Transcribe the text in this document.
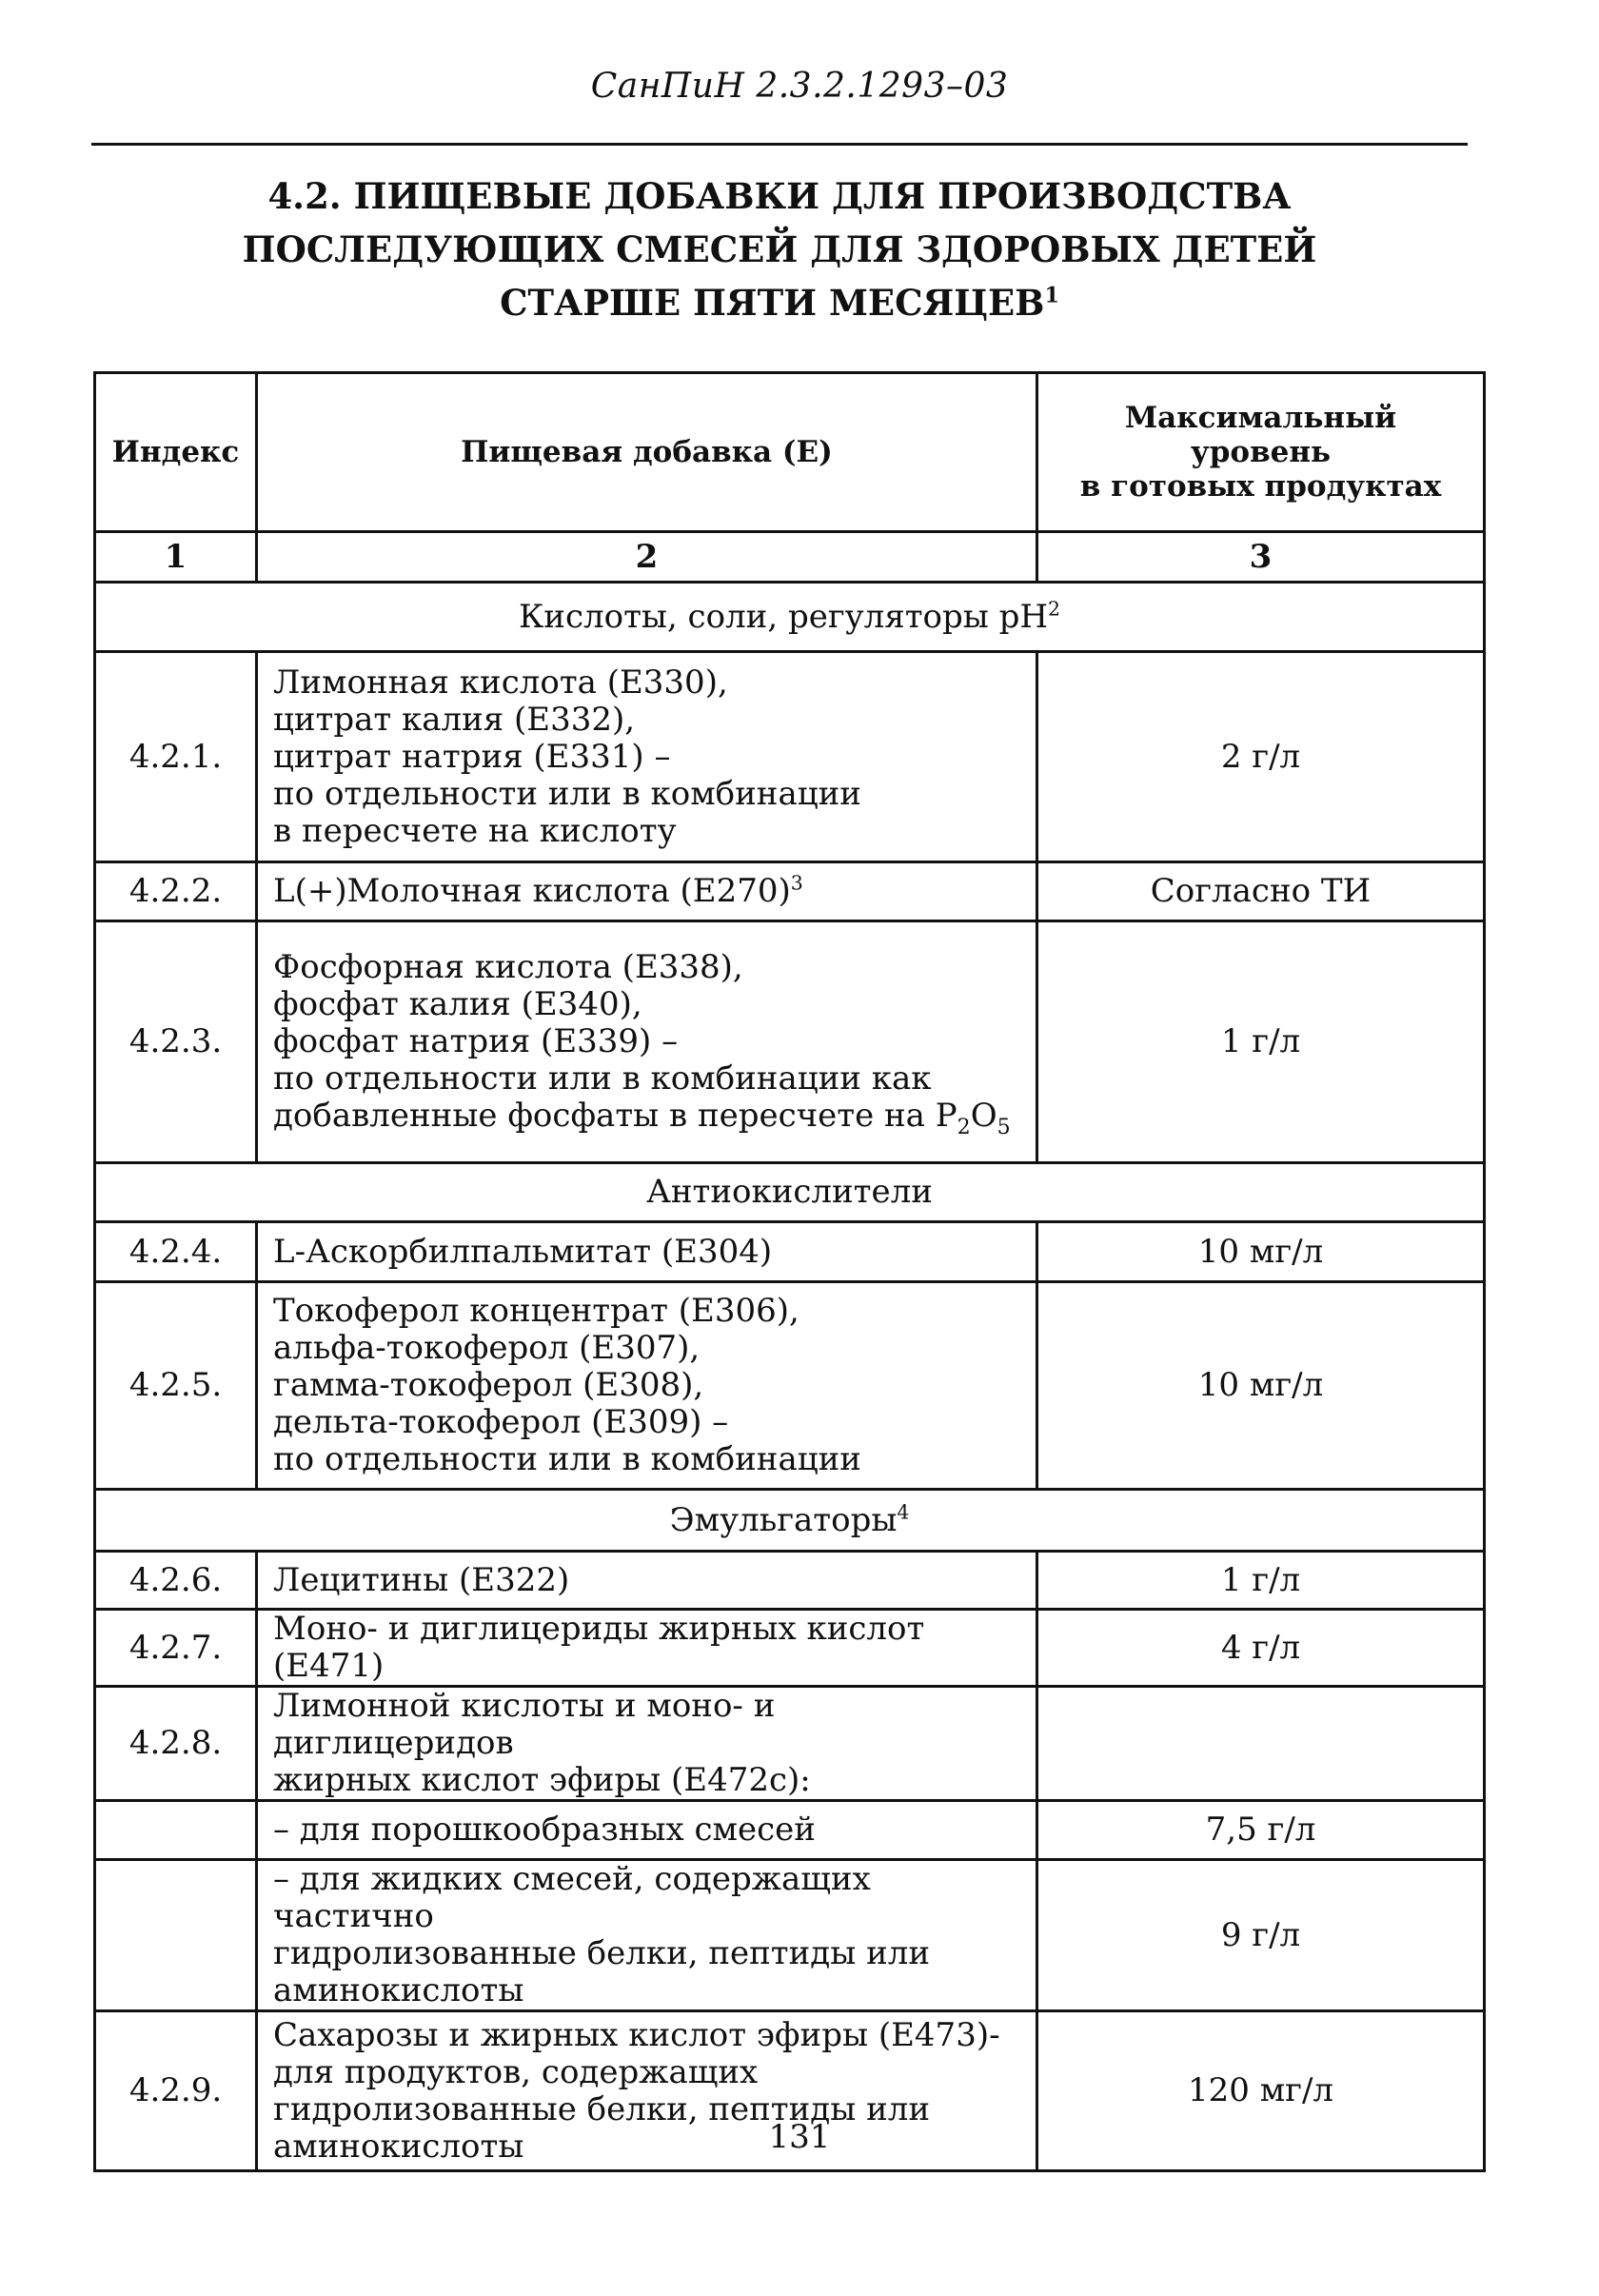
СанПиН 2.3.2.1293–03
4.2. ПИЩЕВЫЕ ДОБАВКИ ДЛЯ ПРОИЗВОДСТВА
ПОСЛЕДУЮЩИХ СМЕСЕЙ ДЛЯ ЗДОРОВЫХ ДЕТЕЙ
СТАРШЕ ПЯТИ МЕСЯЦЕВ$^1$
Индекс	Пищевая добавка (Е)	Максимальный уровень
в готовых продуктах

1	2	3
Кислоты, соли, регуляторы $рН^2$
4.2.1.	Лимонная кислота (Е330),
цитрат калия (Е332),
цитрат натрия (Е331) –
по отдельности или в комбинации
в пересчете на кислоту	2 г/л
4.2.2.	L(+)Молочная кислота $(Е270)^3$	Согласно ТИ
4.2.3.	Фосфорная кислота (Е338),
фосфат калия (Е340),
фосфат натрия (Е339) –
по отдельности или в комбинации как
добавленные фосфаты в пересчете на $Р_2O_5$	1 г/л
Антиокислители		
4.2.4.	L-Аскорбилпальмитат (Е304)	10 мг/л
4.2.5.	Токоферол концентрат (Е306),
альфа-токоферол (Е307),
гамма-токоферол (Е308),
дельта-токоферол (Е309) –
по отдельности или в комбинации	10 мг/л
Эмульгаторы$^4$
4.2.6.	Лецитины (Е322)	1 г/л
4.2.7.	Моно- и диглицериды жирных кислот (Е471)	4 г/л
4.2.8.	Лимонной кислоты и моно- и диглицеридов
жирных кислот эфиры (Е472с):	

	– для порошкообразных смесей	7,5 г/л

	– для жидких смесей, содержащих частично
гидролизованные белки, пептиды или
аминокислоты	9 г/л
4.2.9.	Сахарозы и жирных кислот эфиры (Е473)-
для продуктов, содержащих
гидролизованные белки, пептиды или
аминокислоты	120 мг/л
131
